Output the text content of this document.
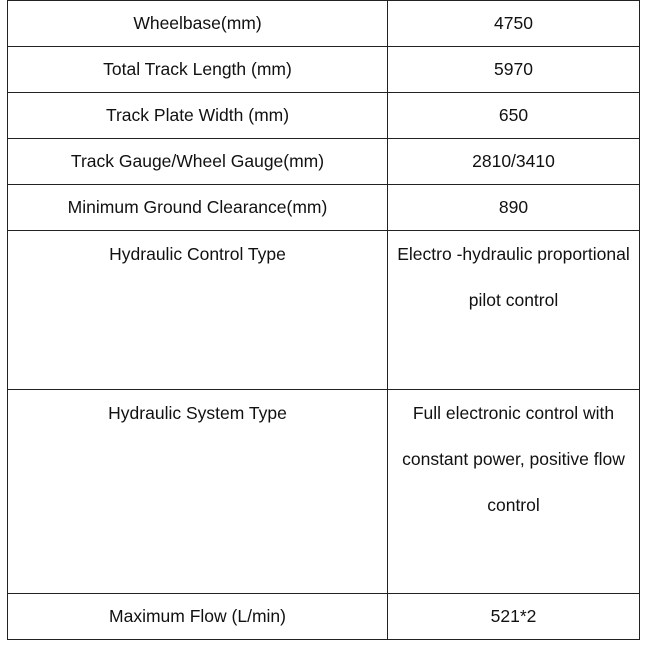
Wheelbase(mm)	4750

Total Track Length (mm)	5970

Track Plate Width (mm)	650

Track Gauge/Wheel Gauge(mm)	2810/3410

Minimum Ground Clearance(mm)	890

Hydraulic Control Type	Electro -hydraulic proportional pilot control

Hydraulic System Type	Full electronic control with constant power, positive flow control

Maximum Flow (L/min)	521*2
